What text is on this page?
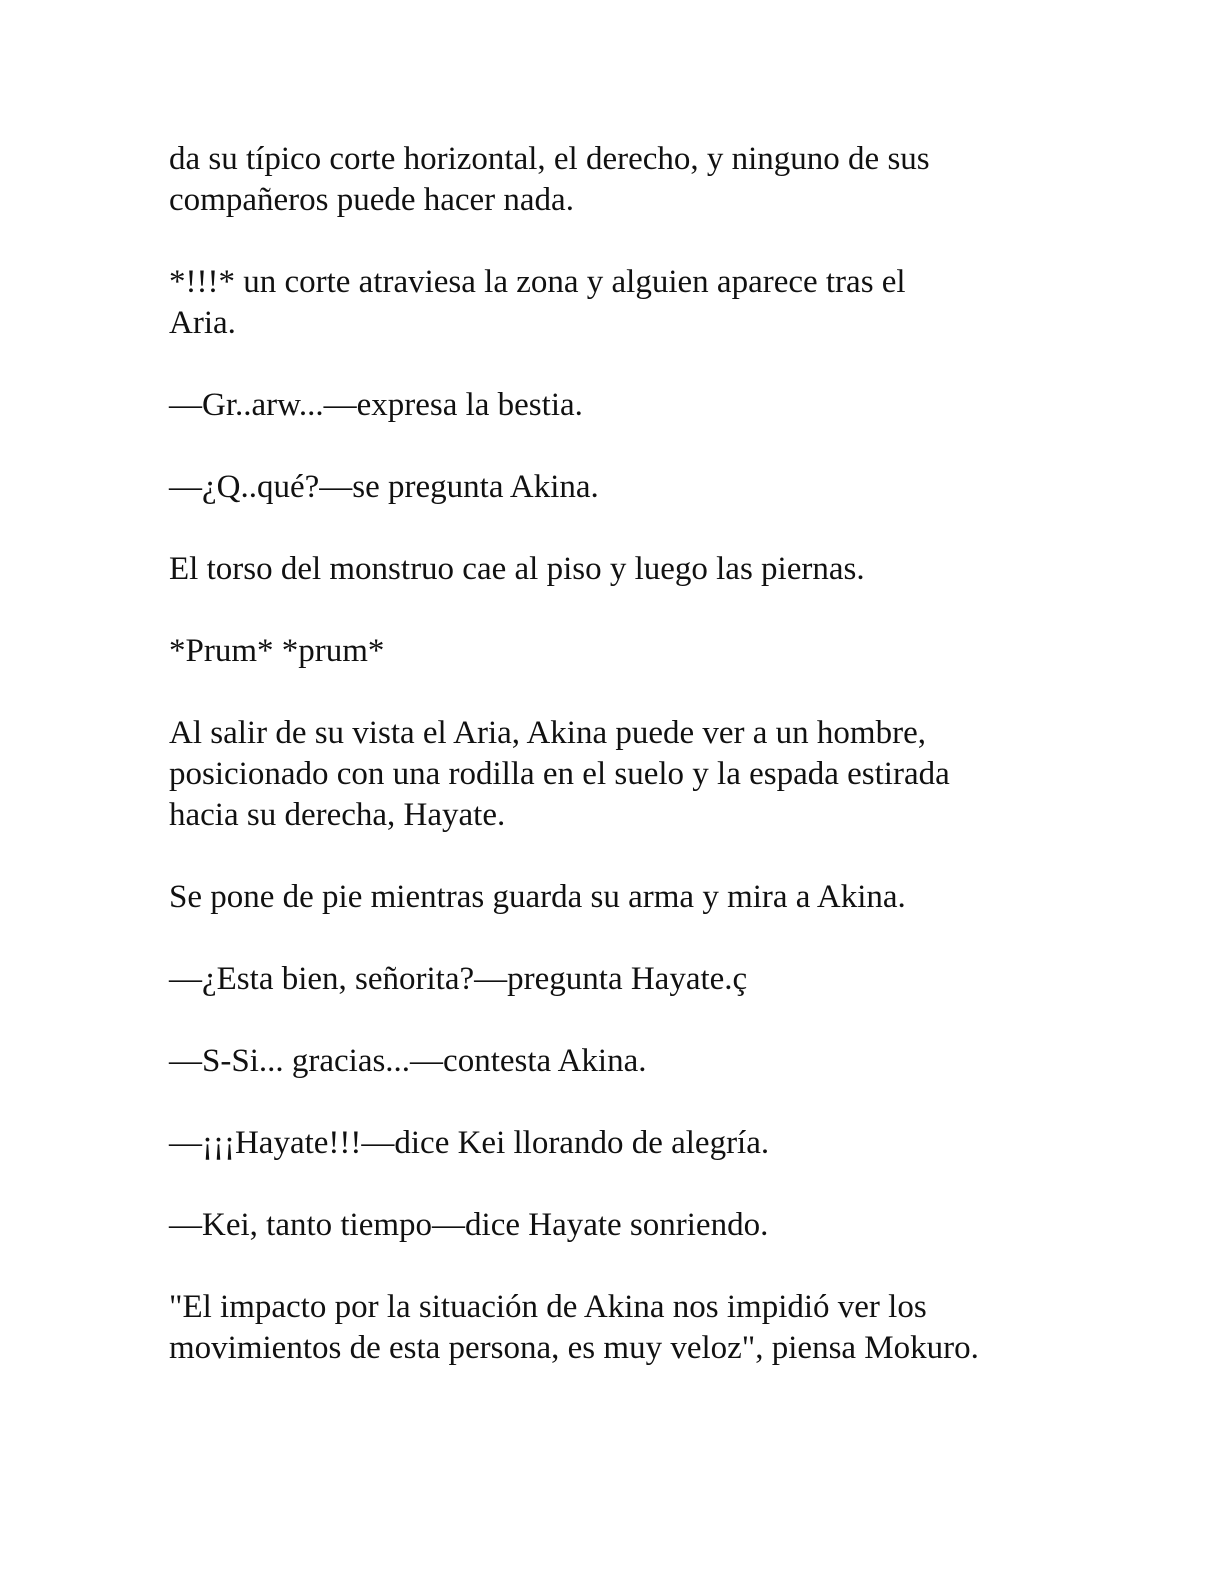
da su típico corte horizontal, el derecho, y ninguno de sus
compañeros puede hacer nada.

*!!!* un corte atraviesa la zona y alguien aparece tras el
Aria.

—Gr..arw...—expresa la bestia.

—¿Q..qué?—se pregunta Akina.

El torso del monstruo cae al piso y luego las piernas.

*Prum* *prum*

Al salir de su vista el Aria, Akina puede ver a un hombre,
posicionado con una rodilla en el suelo y la espada estirada
hacia su derecha, Hayate.

Se pone de pie mientras guarda su arma y mira a Akina.

—¿Esta bien, señorita?—pregunta Hayate.ç

—S-Si... gracias...—contesta Akina.

—¡¡¡Hayate!!!—dice Kei llorando de alegría.

—Kei, tanto tiempo—dice Hayate sonriendo.

"El impacto por la situación de Akina nos impidió ver los
movimientos de esta persona, es muy veloz", piensa Mokuro.
